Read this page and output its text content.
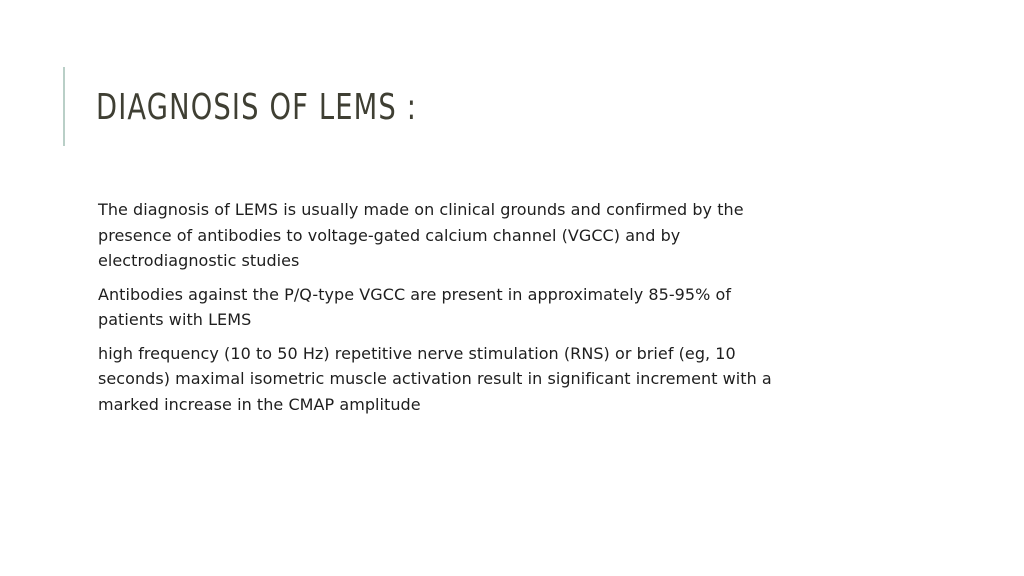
DIAGNOSIS OF LEMS :

The diagnosis of LEMS is usually made on clinical grounds and confirmed by the
presence of antibodies to voltage-gated calcium channel (VGCC) and by
electrodiagnostic studies

Antibodies against the P/Q-type VGCC are present in approximately 85-95% of
patients with LEMS

high frequency (10 to 50 Hz) repetitive nerve stimulation (RNS) or brief (eg, 10
seconds) maximal isometric muscle activation result in significant increment with a
marked increase in the CMAP amplitude
